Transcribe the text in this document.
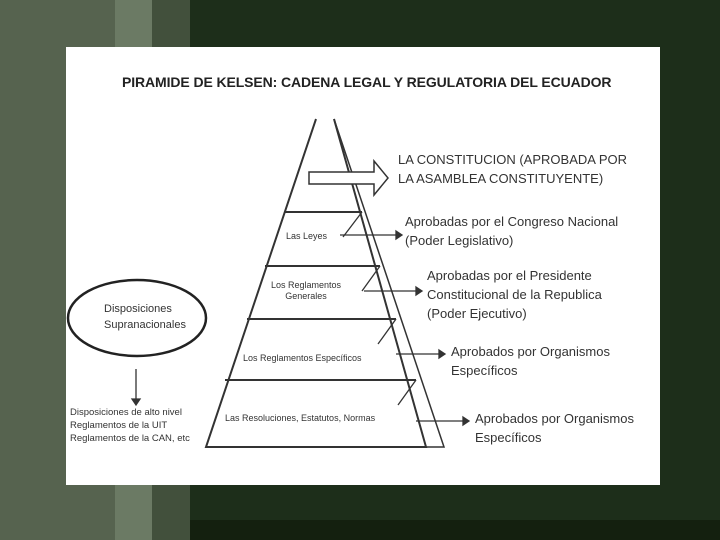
PIRAMIDE DE KELSEN: CADENA LEGAL Y REGULATORIA DEL ECUADOR
LA CONSTITUCION (APROBADA POR
LA ASAMBLEA CONSTITUYENTE)
Aprobadas por el Congreso Nacional
(Poder Legislativo)
Aprobadas por el Presidente
Constitucional de la Republica
(Poder Ejecutivo)
Aprobados por Organismos
Específicos
Aprobados por Organismos
Específicos
Las Leyes
Los Reglamentos
Generales
Los Reglamentos Específicos
Las Resoluciones, Estatutos, Normas
Disposiciones
Supranacionales
Disposiciones de alto nivel
Reglamentos de la UIT
Reglamentos de la CAN, etc
